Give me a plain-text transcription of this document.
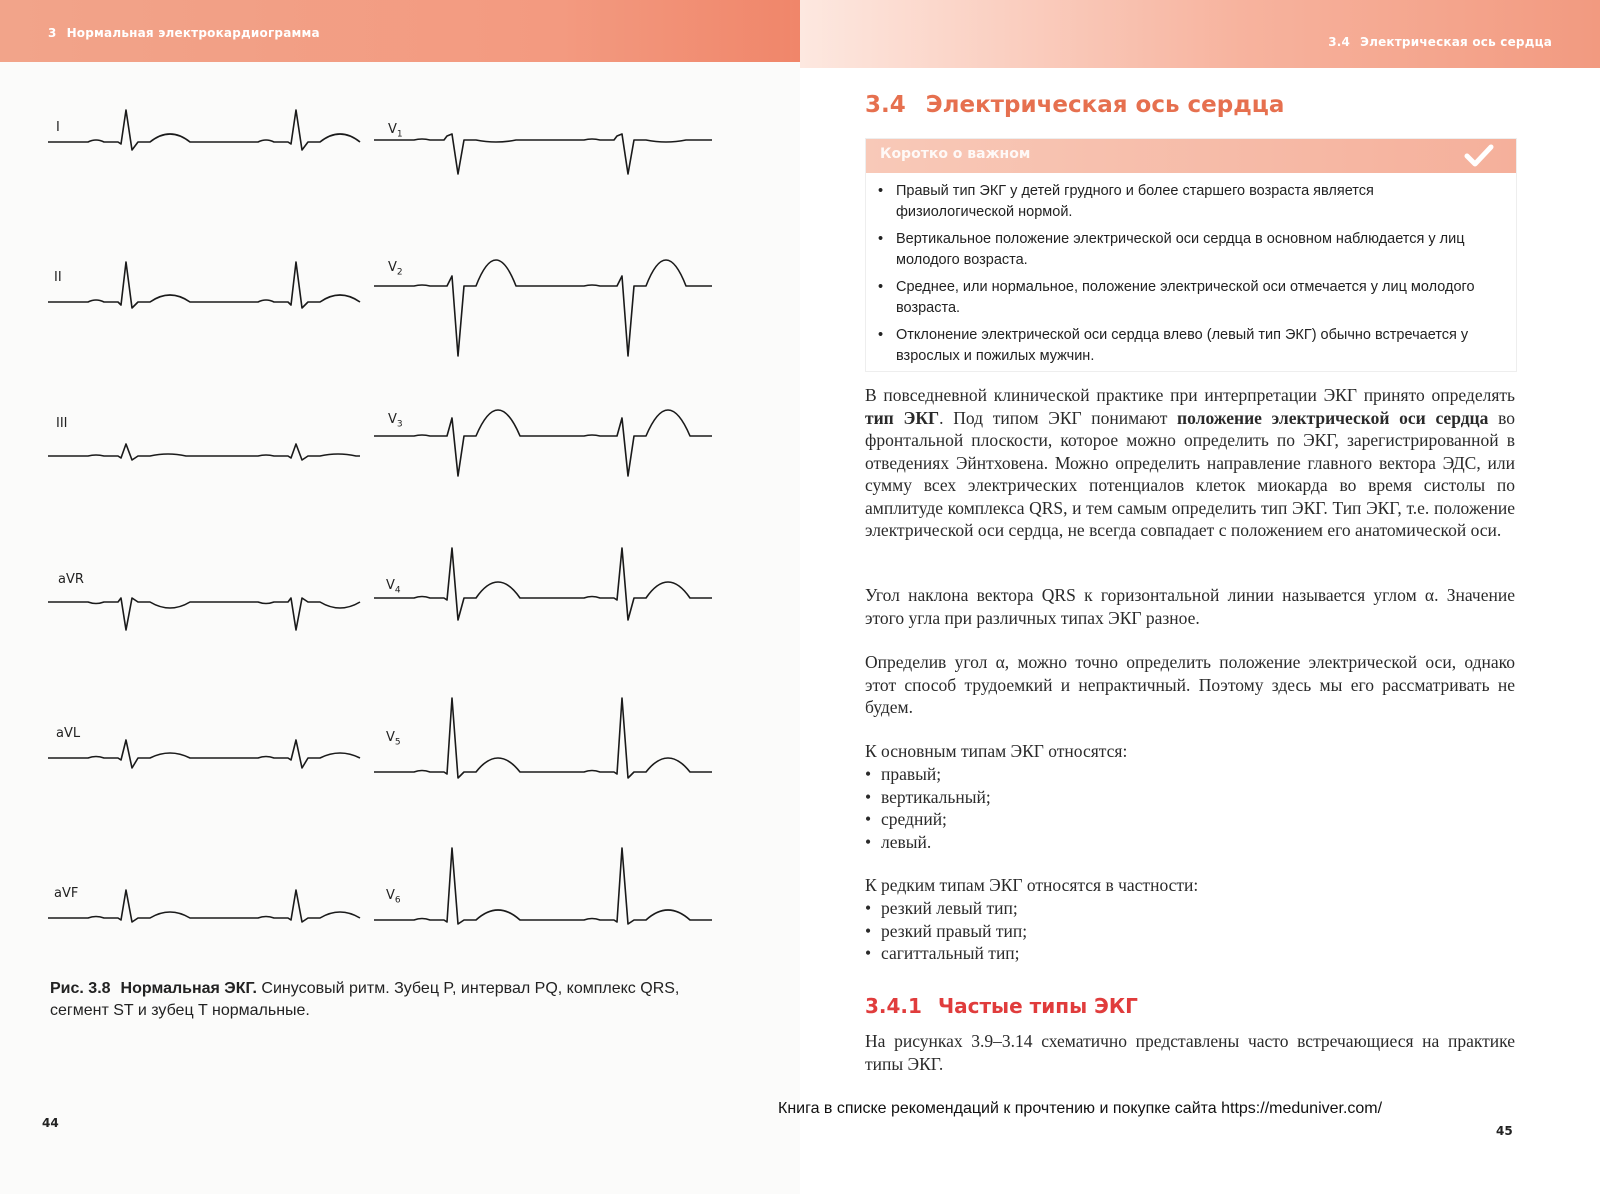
3 Нормальная электрокардиограмма
I
II
III
aVR
aVL
aVF
$V_1$
$V_2$
$V_3$
$V_4$
$V_5$
$V_6$
Рис. 3.8 Нормальная ЭКГ. Синусовый ритм. Зубец P, интервал PQ, комплекс QRS, сегмент ST и зубец T нормальные.
44
3.4 Электрическая ось сердца
3.4 Электрическая ось сердца
Коротко о важном
• Правый тип ЭКГ у детей грудного и более старшего возраста является физиологической нормой.
• Вертикальное положение электрической оси сердца в основном наблюдается у лиц молодого возраста.
• Среднее, или нормальное, положение электрической оси отмечается у лиц молодого возраста.
• Отклонение электрической оси сердца влево (левый тип ЭКГ) обычно встречается у взрослых и пожилых мужчин.
В повседневной клинической практике при интерпретации ЭКГ принято определять тип ЭКГ. Под типом ЭКГ понимают положение электрической оси сердца во фронтальной плоскости, которое можно определить по ЭКГ, зарегистрированной в отведениях Эйнтховена. Можно определить направление главного вектора ЭДС, или сумму всех электрических потенциалов клеток миокарда во время систолы по амплитуде комплекса QRS, и тем самым определить тип ЭКГ. Тип ЭКГ, т.е. положение электрической оси сердца, не всегда совпадает с положением его анатомической оси.
Угол наклона вектора QRS к горизонтальной линии называется углом α. Значение этого угла при различных типах ЭКГ разное.
Определив угол α, можно точно определить положение электрической оси, однако этот способ трудоемкий и непрактичный. Поэтому здесь мы его рассматривать не будем.
К основным типам ЭКГ относятся:
• правый;
• вертикальный;
• средний;
• левый.
К редким типам ЭКГ относятся в частности:
• резкий левый тип;
• резкий правый тип;
• сагиттальный тип;
3.4.1 Частые типы ЭКГ
На рисунках 3.9–3.14 схематично представлены часто встречающиеся на практике типы ЭКГ.
45
Книга в списке рекомендаций к прочтению и покупке сайта https://meduniver.com/
